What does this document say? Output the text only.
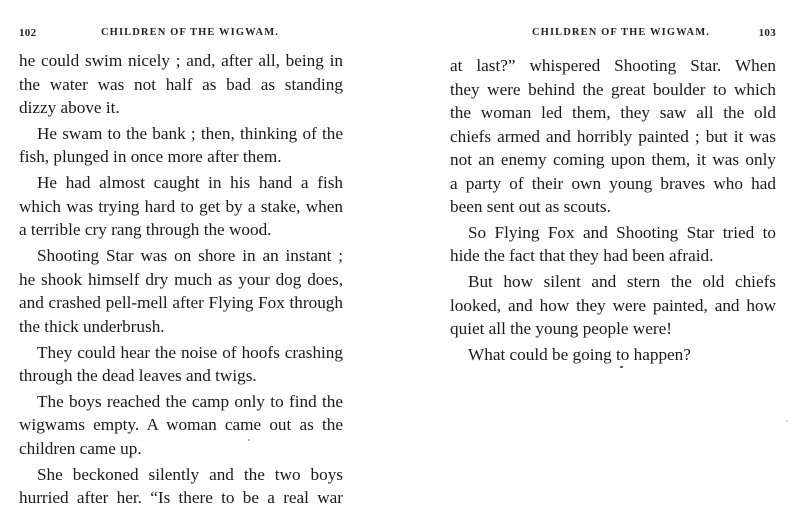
102	CHILDREN OF THE WIGWAM.
he could swim nicely ; and, after all, being in
the water was not half as bad as standing
dizzy above it.
He swam to the bank ; then, thinking of the
fish, plunged in once more after them.
He had almost caught in his hand a fish
which was trying hard to get by a stake, when
a terrible cry rang through the wood.
Shooting Star was on shore in an instant ;
he shook himself dry much as your dog does,
and crashed pell-mell after Flying Fox through
the thick underbrush.
They could hear the noise of hoofs crashing
through the dead leaves and twigs.
The boys reached the camp only to find the
wigwams empty. A woman came out as the
children came up.
She beckoned silently and the two boys
hurried after her. “Is there to be a real war
CHILDREN OF THE WIGWAM.	103
at last?” whispered Shooting Star. When
they were behind the great boulder to which
the woman led them, they saw all the old
chiefs armed and horribly painted ; but it was
not an enemy coming upon them, it was only
a party of their own young braves who had
been sent out as scouts.
So Flying Fox and Shooting Star tried to
hide the fact that they had been afraid.
But how silent and stern the old chiefs
looked, and how they were painted, and how
quiet all the young people were!
What could be going to happen?
